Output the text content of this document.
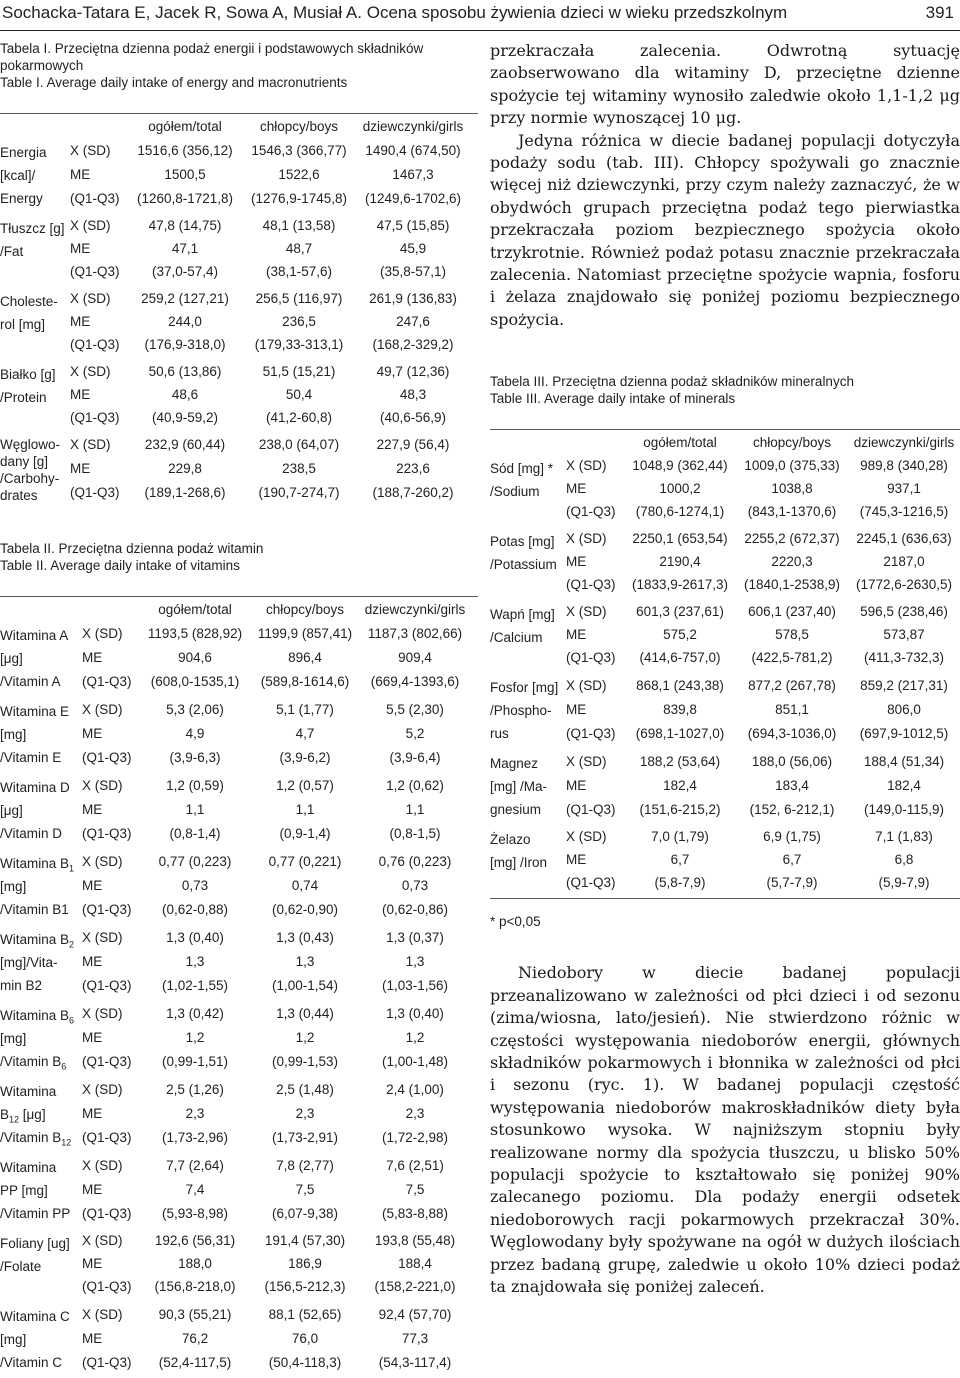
Sochacka-Tatara E, Jacek R, Sowa A, Musiał A. Ocena sposobu żywienia dzieci w wieku przedszkolnym	391
Tabela I. Przeciętna dzienna podaż energii i podstawowych składników pokarmowych
Table I. Average daily intake of energy and macronutrients
		ogółem/total	chłopcy/boys	dziewczynki/girls

Energia
[kcal]/
Energy	X (SD)	1516,6 (356,12)	1546,3 (366,77)	1490,4 (674,50)
	ME	1500,5	1522,6	1467,3
	(Q1-Q3)	(1260,8-1721,8)	(1276,9-1745,8)	(1249,6-1702,6)

Tłuszcz [g]
/Fat	X (SD)	47,8 (14,75)	48,1 (13,58)	47,5 (15,85)
	ME	47,1	48,7	45,9
	(Q1-Q3)	(37,0-57,4)	(38,1-57,6)	(35,8-57,1)

Choleste-
rol [mg]	X (SD)	259,2 (127,21)	256,5 (116,97)	261,9 (136,83)
	ME	244,0	236,5	247,6
	(Q1-Q3)	(176,9-318,0)	(179,33-313,1)	(168,2-329,2)

Białko [g]
/Protein	X (SD)	50,6 (13,86)	51,5 (15,21)	49,7 (12,36)
	ME	48,6	50,4	48,3
	(Q1-Q3)	(40,9-59,2)	(41,2-60,8)	(40,6-56,9)

Węglowo-
dany [g]
/Carbohy-
drates	X (SD)	232,9 (60,44)	238,0 (64,07)	227,9 (56,4)
	ME	229,8	238,5	223,6
	(Q1-Q3)	(189,1-268,6)	(190,7-274,7)	(188,7-260,2)

Tabela II. Przeciętna dzienna podaż witamin
Table II. Average daily intake of vitamins
		ogółem/total	chłopcy/boys	dziewczynki/girls

Witamina A
[μg]
/Vitamin A	X (SD)	1193,5 (828,92)	1199,9 (857,41)	1187,3 (802,66)
	ME	904,6	896,4	909,4
	(Q1-Q3)	(608,0-1535,1)	(589,8-1614,6)	(669,4-1393,6)

Witamina E
[mg]
/Vitamin E	X (SD)	5,3 (2,06)	5,1 (1,77)	5,5 (2,30)
	ME	4,9	4,7	5,2
	(Q1-Q3)	(3,9-6,3)	(3,9-6,2)	(3,9-6,4)

Witamina D
[μg]
/Vitamin D	X (SD)	1,2 (0,59)	1,2 (0,57)	1,2 (0,62)
	ME	1,1	1,1	1,1
	(Q1-Q3)	(0,8-1,4)	(0,9-1,4)	(0,8-1,5)

Witamina $B_1$
[mg]
/Vitamin B1	X (SD)	0,77 (0,223)	0,77 (0,221)	0,76 (0,223)
	ME	0,73	0,74	0,73
	(Q1-Q3)	(0,62-0,88)	(0,62-0,90)	(0,62-0,86)

Witamina $B_2$
[mg]/Vita-
min B2	X (SD)	1,3 (0,40)	1,3 (0,43)	1,3 (0,37)
	ME	1,3	1,3	1,3
	(Q1-Q3)	(1,02-1,55)	(1,00-1,54)	(1,03-1,56)

Witamina $B_6$
[mg]
/Vitamin $B_6$	X (SD)	1,3 (0,42)	1,3 (0,44)	1,3 (0,40)
	ME	1,2	1,2	1,2
	(Q1-Q3)	(0,99-1,51)	(0,99-1,53)	(1,00-1,48)

Witamina
$B_{12}$ [μg]
/Vitamin $B_{12}$	X (SD)	2,5 (1,26)	2,5 (1,48)	2,4 (1,00)
	ME	2,3	2,3	2,3
	(Q1-Q3)	(1,73-2,96)	(1,73-2,91)	(1,72-2,98)

Witamina
PP [mg]
/Vitamin PP	X (SD)	7,7 (2,64)	7,8 (2,77)	7,6 (2,51)
	ME	7,4	7,5	7,5
	(Q1-Q3)	(5,93-8,98)	(6,07-9,38)	(5,83-8,88)

Foliany [ug]
/Folate	X (SD)	192,6 (56,31)	191,4 (57,30)	193,8 (55,48)
	ME	188,0	186,9	188,4
	(Q1-Q3)	(156,8-218,0)	(156,5-212,3)	(158,2-221,0)

Witamina C
[mg]
/Vitamin C	X (SD)	90,3 (55,21)	88,1 (52,65)	92,4 (57,70)
	ME	76,2	76,0	77,3
	(Q1-Q3)	(52,4-117,5)	(50,4-118,3)	(54,3-117,4)

przekraczała zalecenia. Odwrotną sytuację zaobserwowano dla witaminy D, przeciętne dzienne spożycie tej witaminy wynosiło zaledwie około 1,1-1,2 μg przy normie wynoszącej 10 μg.

Jedyna różnica w diecie badanej populacji dotyczyła podaży sodu (tab. III). Chłopcy spożywali go znacznie więcej niż dziewczynki, przy czym należy zaznaczyć, że w obydwóch grupach przeciętna podaż tego pierwiastka przekraczała poziom bezpiecznego spożycia około trzykrotnie. Również podaż potasu znacznie przekraczała zalecenia. Natomiast przeciętne spożycie wapnia, fosforu i żelaza znajdowało się poniżej poziomu bezpiecznego spożycia.

Tabela III. Przeciętna dzienna podaż składników mineralnych
Table III. Average daily intake of minerals
		ogółem/total	chłopcy/boys	dziewczynki/girls

Sód [mg] *
/Sodium	X (SD)	1048,9 (362,44)	1009,0 (375,33)	989,8 (340,28)
	ME	1000,2	1038,8	937,1
	(Q1-Q3)	(780,6-1274,1)	(843,1-1370,6)	(745,3-1216,5)

Potas [mg]
/Potassium	X (SD)	2250,1 (653,54)	2255,2 (672,37)	2245,1 (636,63)
	ME	2190,4	2220,3	2187,0
	(Q1-Q3)	(1833,9-2617,3)	(1840,1-2538,9)	(1772,6-2630,5)

Wapń [mg]
/Calcium	X (SD)	601,3 (237,61)	606,1 (237,40)	596,5 (238,46)
	ME	575,2	578,5	573,87
	(Q1-Q3)	(414,6-757,0)	(422,5-781,2)	(411,3-732,3)

Fosfor [mg]
/Phospho-
rus	X (SD)	868,1 (243,38)	877,2 (267,78)	859,2 (217,31)
	ME	839,8	851,1	806,0
	(Q1-Q3)	(698,1-1027,0)	(694,3-1036,0)	(697,9-1012,5)

Magnez
[mg] /Ma-
gnesium	X (SD)	188,2 (53,64)	188,0 (56,06)	188,4 (51,34)
	ME	182,4	183,4	182,4
	(Q1-Q3)	(151,6-215,2)	(152, 6-212,1)	(149,0-115,9)

Żelazo
[mg] /Iron	X (SD)	7,0 (1,79)	6,9 (1,75)	7,1 (1,83)
	ME	6,7	6,7	6,8
	(Q1-Q3)	(5,8-7,9)	(5,7-7,9)	(5,9-7,9)

* p<0,05

Niedobory w diecie badanej populacji przeanalizowano w zależności od płci dzieci i od sezonu (zima/wiosna, lato/jesień). Nie stwierdzono różnic w częstości występowania niedoborów energii, głównych składników pokarmowych i błonnika w zależności od płci i sezonu (ryc. 1). W badanej populacji częstość występowania niedoborów makroskładników diety była stosunkowo wysoka. W najniższym stopniu były realizowane normy dla spożycia tłuszczu, u blisko 50% populacji spożycie to kształtowało się poniżej 90% zalecanego poziomu. Dla podaży energii odsetek niedoborowych racji pokarmowych przekraczał 30%. Węglowodany były spożywane na ogół w dużych ilościach przez badaną grupę, zaledwie u około 10% dzieci podaż ta znajdowała się poniżej zaleceń.
